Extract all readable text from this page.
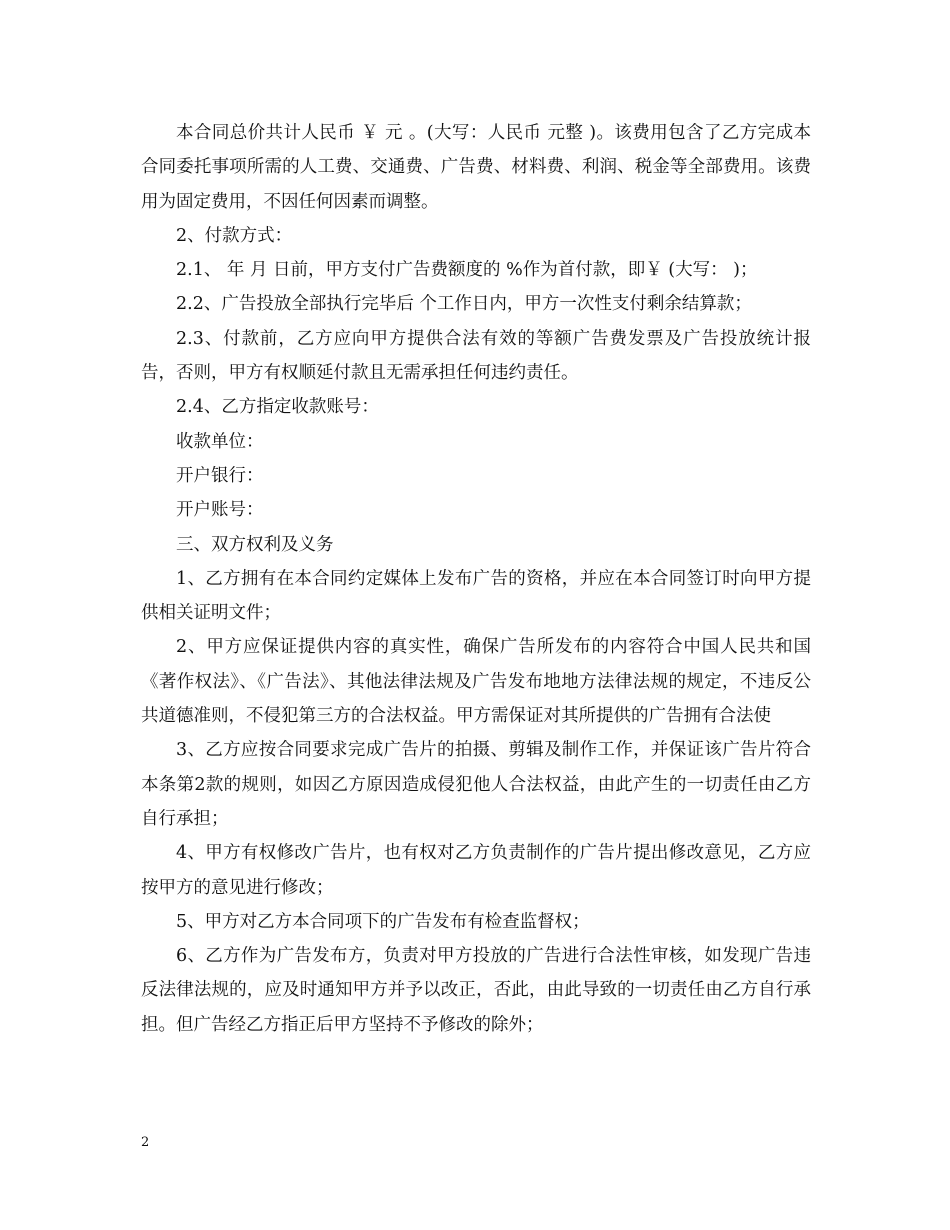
本合同总价共计人民币 ￥ 元 。(大写：人民币 元整 )。该费用包含了乙方完成本合同委托事项所需的人工费、交通费、广告费、材料费、利润、税金等全部费用。该费用为固定费用，不因任何因素而调整。

2、付款方式：

2.1、 年 月 日前，甲方支付广告费额度的 %作为首付款，即￥ (大写： )；

2.2、广告投放全部执行完毕后 个工作日内，甲方一次性支付剩余结算款；

2.3、付款前，乙方应向甲方提供合法有效的等额广告费发票及广告投放统计报告，否则，甲方有权顺延付款且无需承担任何违约责任。

2.4、乙方指定收款账号：

收款单位：

开户银行：

开户账号：

三、双方权利及义务

1、乙方拥有在本合同约定媒体上发布广告的资格，并应在本合同签订时向甲方提供相关证明文件；

2、甲方应保证提供内容的真实性，确保广告所发布的内容符合中国人民共和国《著作权法》、《广告法》、其他法律法规及广告发布地地方法律法规的规定，不违反公共道德准则，不侵犯第三方的合法权益。甲方需保证对其所提供的广告拥有合法使

3、乙方应按合同要求完成广告片的拍摄、剪辑及制作工作，并保证该广告片符合本条第2款的规则，如因乙方原因造成侵犯他人合法权益，由此产生的一切责任由乙方自行承担；

4、甲方有权修改广告片，也有权对乙方负责制作的广告片提出修改意见，乙方应按甲方的意见进行修改；

5、甲方对乙方本合同项下的广告发布有检查监督权；

6、乙方作为广告发布方，负责对甲方投放的广告进行合法性审核，如发现广告违反法律法规的，应及时通知甲方并予以改正，否此，由此导致的一切责任由乙方自行承担。但广告经乙方指正后甲方坚持不予修改的除外；

2
